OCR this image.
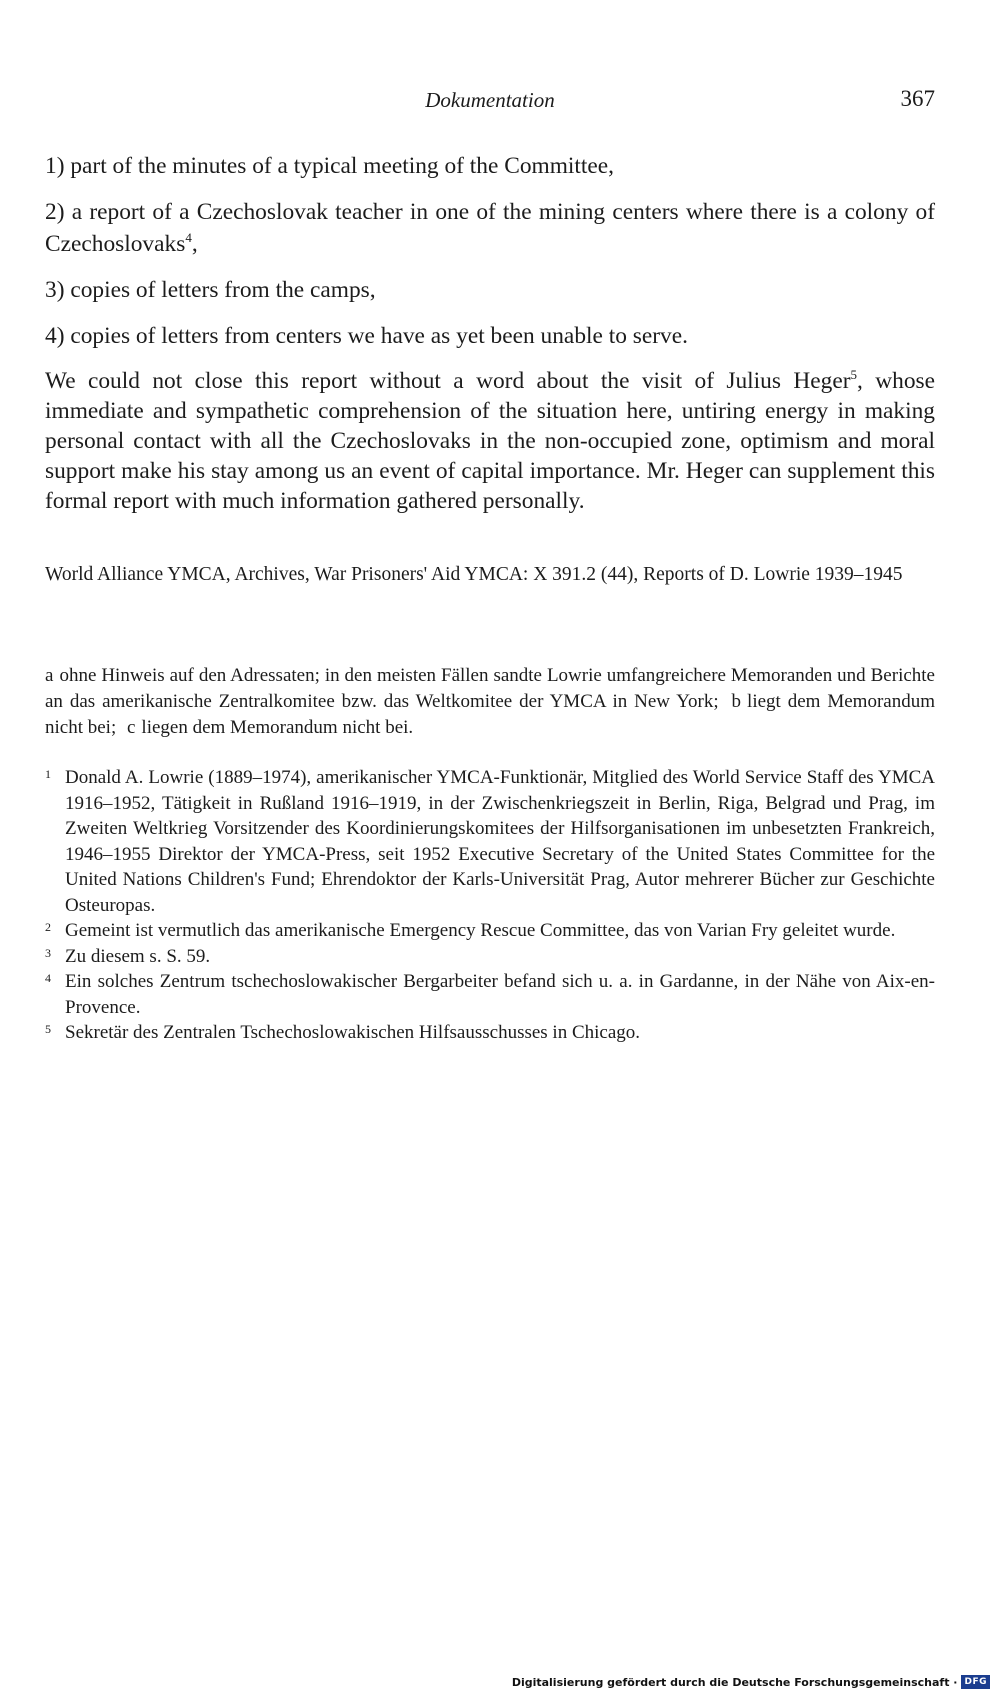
Dokumentation	367

1) part of the minutes of a typical meeting of the Committee,

2) a report of a Czechoslovak teacher in one of the mining centers where there is a colony of Czechoslovaks$^4$,

3) copies of letters from the camps,

4) copies of letters from centers we have as yet been unable to serve.

We could not close this report without a word about the visit of Julius Heger$^5$, whose immediate and sympathetic comprehension of the situation here, untiring energy in making personal contact with all the Czechoslovaks in the non-occupied zone, optimism and moral support make his stay among us an event of capital importance. Mr. Heger can supplement this formal report with much information gathered personally.

World Alliance YMCA, Archives, War Prisoners' Aid YMCA: X 391.2 (44), Reports of D. Lowrie 1939–1945
a ohne Hinweis auf den Adressaten; in den meisten Fällen sandte Lowrie umfangreichere Memoranden und Berichte an das amerikanische Zentralkomitee bzw. das Weltkomitee der YMCA in New York; b liegt dem Memorandum nicht bei; c liegen dem Memorandum nicht bei.
1 Donald A. Lowrie (1889–1974), amerikanischer YMCA-Funktionär, Mitglied des World Service Staff des YMCA 1916–1952, Tätigkeit in Rußland 1916–1919, in der Zwischenkriegszeit in Berlin, Riga, Belgrad und Prag, im Zweiten Weltkrieg Vorsitzender des Koordinierungskomitees der Hilfsorganisationen im unbesetzten Frankreich, 1946–1955 Direktor der YMCA-Press, seit 1952 Executive Secretary of the United States Committee for the United Nations Children's Fund; Ehrendoktor der Karls-Universität Prag, Autor mehrerer Bücher zur Geschichte Osteuropas.
2 Gemeint ist vermutlich das amerikanische Emergency Rescue Committee, das von Varian Fry geleitet wurde.
3 Zu diesem s. S. 59.
4 Ein solches Zentrum tschechoslowakischer Bergarbeiter befand sich u. a. in Gardanne, in der Nähe von Aix-en-Provence.
5 Sekretär des Zentralen Tschechoslowakischen Hilfsausschusses in Chicago.
Digitalisierung gefördert durch die Deutsche Forschungsgemeinschaft · DFG
